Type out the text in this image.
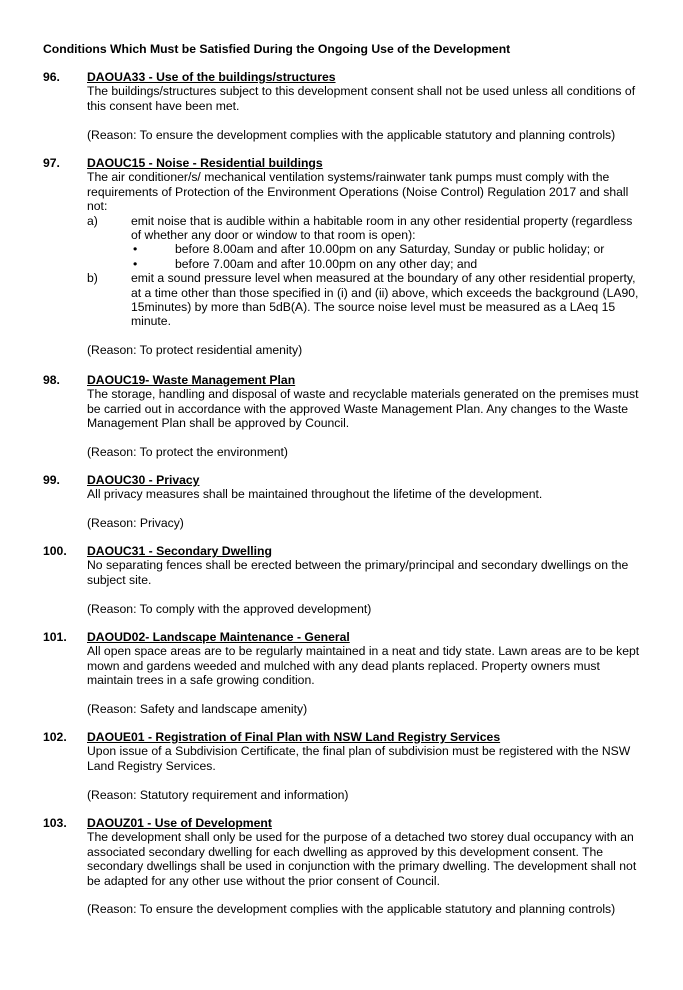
Conditions Which Must be Satisfied During the Ongoing Use of the Development
96. DAOUA33 - Use of the buildings/structures

The buildings/structures subject to this development consent shall not be used unless all conditions of this consent have been met.

(Reason: To ensure the development complies with the applicable statutory and planning controls)

97. DAOUC15 - Noise - Residential buildings

The air conditioner/s/ mechanical ventilation systems/rainwater tank pumps must comply with the requirements of Protection of the Environment Operations (Noise Control) Regulation 2017 and shall not:

a)	emit noise that is audible within a habitable room in any other residential property (regardless of whether any door or window to that room is open):
•	before 8.00am and after 10.00pm on any Saturday, Sunday or public holiday; or
•	before 7.00am and after 10.00pm on any other day; and
b)	emit a sound pressure level when measured at the boundary of any other residential property, at a time other than those specified in (i) and (ii) above, which exceeds the background (LA90, 15minutes) by more than 5dB(A). The source noise level must be measured as a LAeq 15 minute.

(Reason: To protect residential amenity)

98. DAOUC19- Waste Management Plan

The storage, handling and disposal of waste and recyclable materials generated on the premises must be carried out in accordance with the approved Waste Management Plan. Any changes to the Waste Management Plan shall be approved by Council.

(Reason: To protect the environment)

99. DAOUC30 - Privacy

All privacy measures shall be maintained throughout the lifetime of the development.

(Reason: Privacy)

100. DAOUC31 - Secondary Dwelling

No separating fences shall be erected between the primary/principal and secondary dwellings on the subject site.

(Reason: To comply with the approved development)

101. DAOUD02- Landscape Maintenance - General

All open space areas are to be regularly maintained in a neat and tidy state. Lawn areas are to be kept mown and gardens weeded and mulched with any dead plants replaced. Property owners must maintain trees in a safe growing condition.

(Reason: Safety and landscape amenity)

102. DAOUE01 - Registration of Final Plan with NSW Land Registry Services

Upon issue of a Subdivision Certificate, the final plan of subdivision must be registered with the NSW Land Registry Services.

(Reason: Statutory requirement and information)

103. DAOUZ01 - Use of Development

The development shall only be used for the purpose of a detached two storey dual occupancy with an associated secondary dwelling for each dwelling as approved by this development consent. The secondary dwellings shall be used in conjunction with the primary dwelling. The development shall not be adapted for any other use without the prior consent of Council.

(Reason: To ensure the development complies with the applicable statutory and planning controls)
